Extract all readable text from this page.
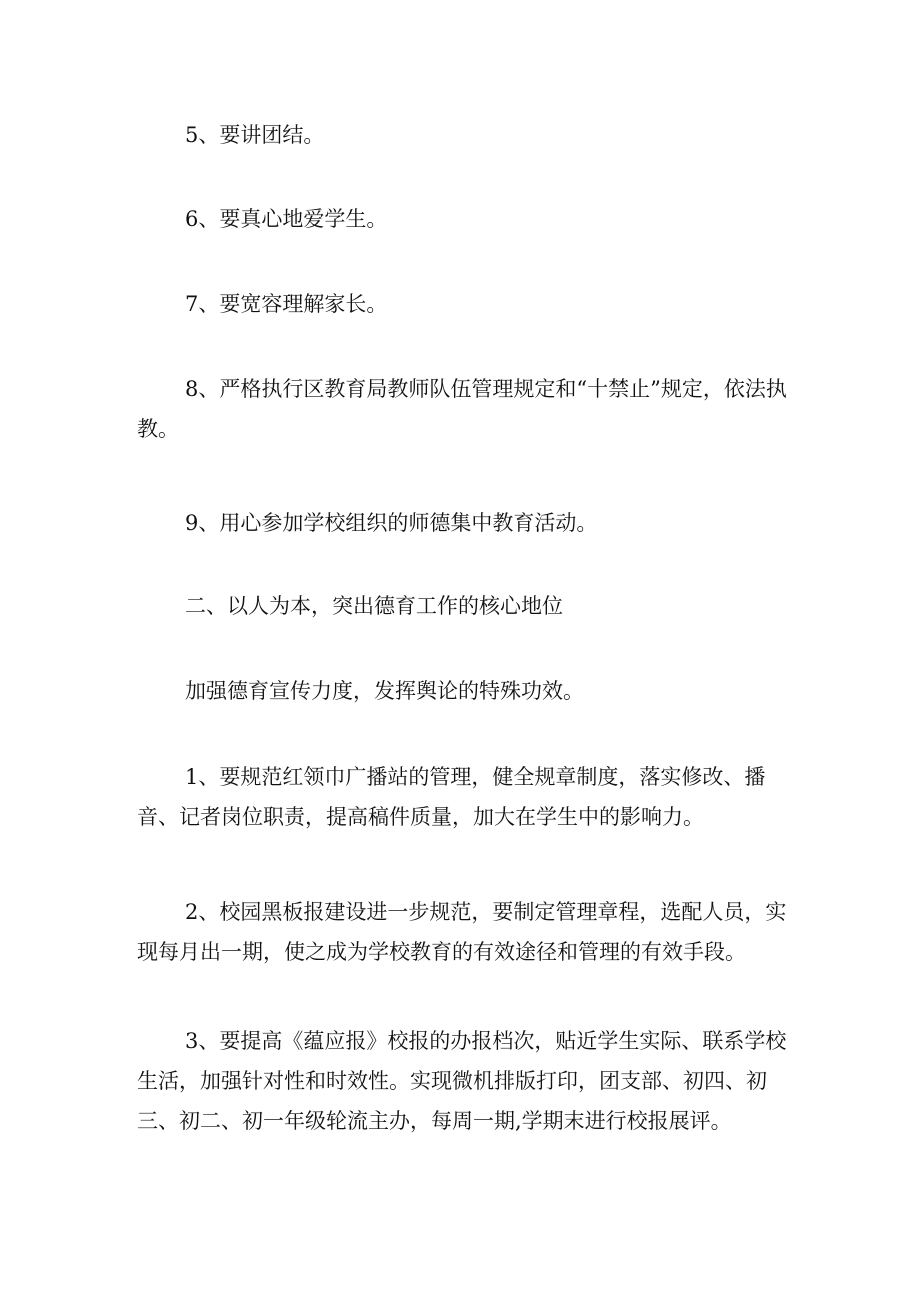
5、要讲团结。

6、要真心地爱学生。

7、要宽容理解家长。

8、严格执行区教育局教师队伍管理规定和“十禁止”规定，依法执教。

9、用心参加学校组织的师德集中教育活动。

二、以人为本，突出德育工作的核心地位

加强德育宣传力度，发挥舆论的特殊功效。

1、要规范红领巾广播站的管理，健全规章制度，落实修改、播音、记者岗位职责，提高稿件质量，加大在学生中的影响力。

2、校园黑板报建设进一步规范，要制定管理章程，选配人员，实现每月出一期，使之成为学校教育的有效途径和管理的有效手段。

3、要提高《蕴应报》校报的办报档次，贴近学生实际、联系学校生活，加强针对性和时效性。实现微机排版打印，团支部、初四、初三、初二、初一年级轮流主办，每周一期,学期末进行校报展评。
